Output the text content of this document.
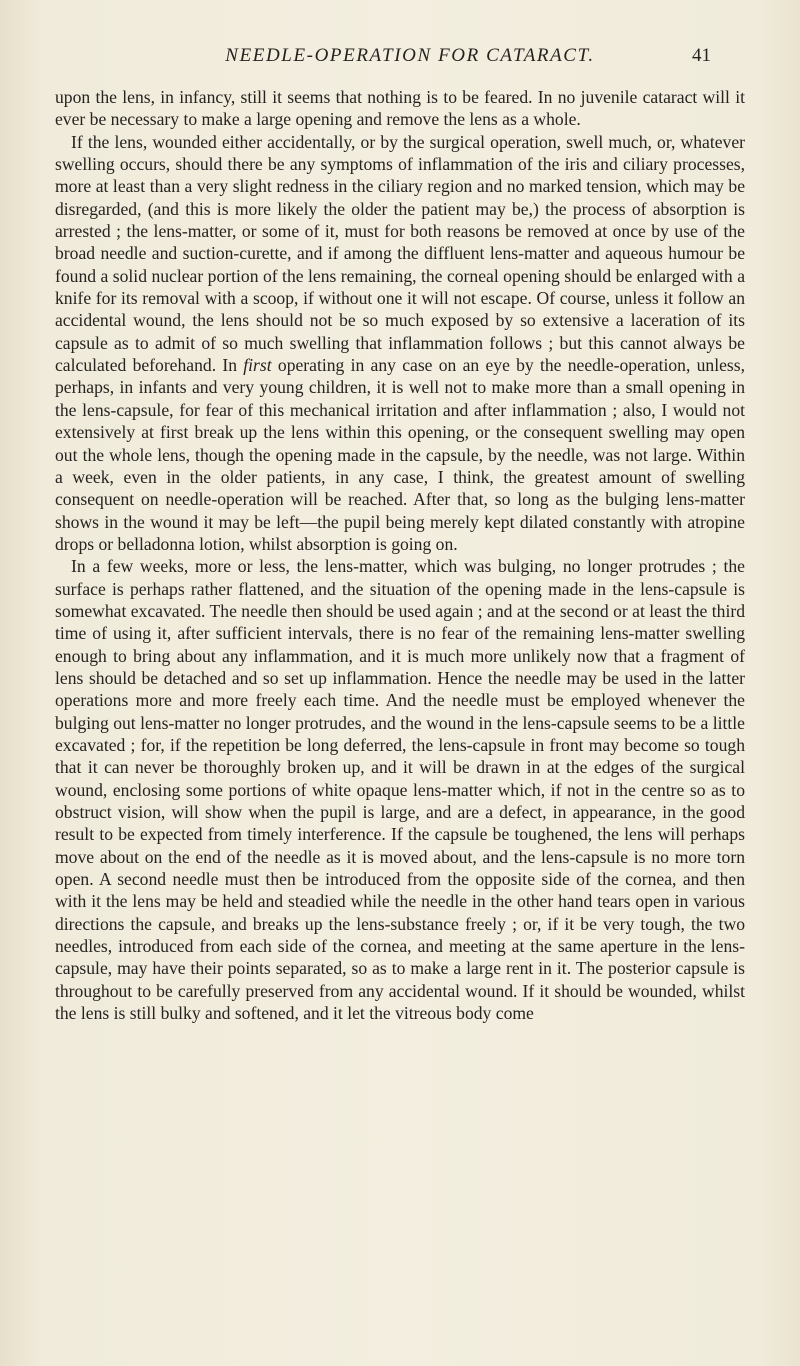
NEEDLE-OPERATION FOR CATARACT.	41

upon the lens, in infancy, still it seems that nothing is to be feared. In no juvenile cataract will it ever be necessary to make a large opening and remove the lens as a whole.

If the lens, wounded either accidentally, or by the surgical operation, swell much, or, whatever swelling occurs, should there be any symptoms of inflammation of the iris and ciliary processes, more at least than a very slight redness in the ciliary region and no marked tension, which may be disregarded, (and this is more likely the older the patient may be,) the process of absorption is arrested ; the lens-matter, or some of it, must for both reasons be removed at once by use of the broad needle and suction-curette, and if among the diffluent lens-matter and aqueous humour be found a solid nuclear portion of the lens remaining, the corneal opening should be enlarged with a knife for its removal with a scoop, if without one it will not escape. Of course, unless it follow an accidental wound, the lens should not be so much exposed by so extensive a laceration of its capsule as to admit of so much swelling that inflammation follows ; but this cannot always be calculated beforehand. In first operating in any case on an eye by the needle-operation, unless, perhaps, in infants and very young children, it is well not to make more than a small opening in the lens-capsule, for fear of this mechanical irritation and after inflammation ; also, I would not extensively at first break up the lens within this opening, or the consequent swelling may open out the whole lens, though the opening made in the capsule, by the needle, was not large. Within a week, even in the older patients, in any case, I think, the greatest amount of swelling consequent on needle-operation will be reached. After that, so long as the bulging lens-matter shows in the wound it may be left—the pupil being merely kept dilated constantly with atropine drops or belladonna lotion, whilst absorption is going on.

In a few weeks, more or less, the lens-matter, which was bulging, no longer protrudes ; the surface is perhaps rather flattened, and the situation of the opening made in the lens-capsule is somewhat excavated. The needle then should be used again ; and at the second or at least the third time of using it, after sufficient intervals, there is no fear of the remaining lens-matter swelling enough to bring about any inflammation, and it is much more unlikely now that a fragment of lens should be detached and so set up inflammation. Hence the needle may be used in the latter operations more and more freely each time. And the needle must be employed whenever the bulging out lens-matter no longer protrudes, and the wound in the lens-capsule seems to be a little excavated ; for, if the repetition be long deferred, the lens-capsule in front may become so tough that it can never be thoroughly broken up, and it will be drawn in at the edges of the surgical wound, enclosing some portions of white opaque lens-matter which, if not in the centre so as to obstruct vision, will show when the pupil is large, and are a defect, in appearance, in the good result to be expected from timely interference. If the capsule be toughened, the lens will perhaps move about on the end of the needle as it is moved about, and the lens-capsule is no more torn open. A second needle must then be introduced from the opposite side of the cornea, and then with it the lens may be held and steadied while the needle in the other hand tears open in various directions the capsule, and breaks up the lens-substance freely ; or, if it be very tough, the two needles, introduced from each side of the cornea, and meeting at the same aperture in the lens-capsule, may have their points separated, so as to make a large rent in it. The posterior capsule is throughout to be carefully preserved from any accidental wound. If it should be wounded, whilst the lens is still bulky and softened, and it let the vitreous body come
